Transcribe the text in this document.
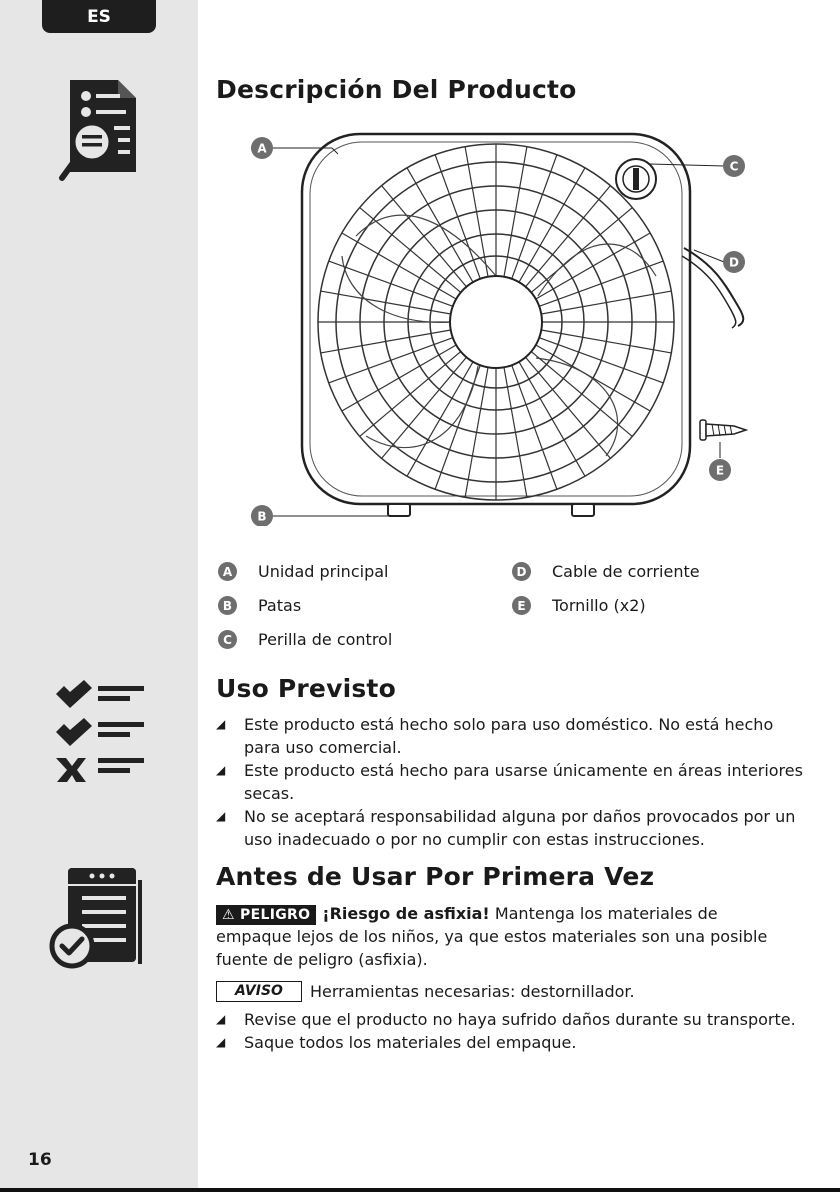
ES
16
Descripción Del Producto
A
C
D
E
B
A	Unidad principal
B	Patas
C	Perilla de control
D Cable de corriente
E	Tornillo (x2)
Uso Previsto
◢ Este producto está hecho solo para uso doméstico. No está hecho para uso comercial.
◢ Este producto está hecho para usarse únicamente en áreas interiores secas.
◢ No se aceptará responsabilidad alguna por daños provocados por un uso inadecuado o por no cumplir con estas instrucciones.
Antes de Usar Por Primera Vez

⚠ PELIGRO ¡Riesgo de asfixia! Mantenga los materiales de empaque lejos de los niños, ya que estos materiales son una posible fuente de peligro (asfixia).

AVISO	Herramientas necesarias: destornillador.
◢ Revise que el producto no haya sufrido daños durante su transporte.
◢ Saque todos los materiales del empaque.
